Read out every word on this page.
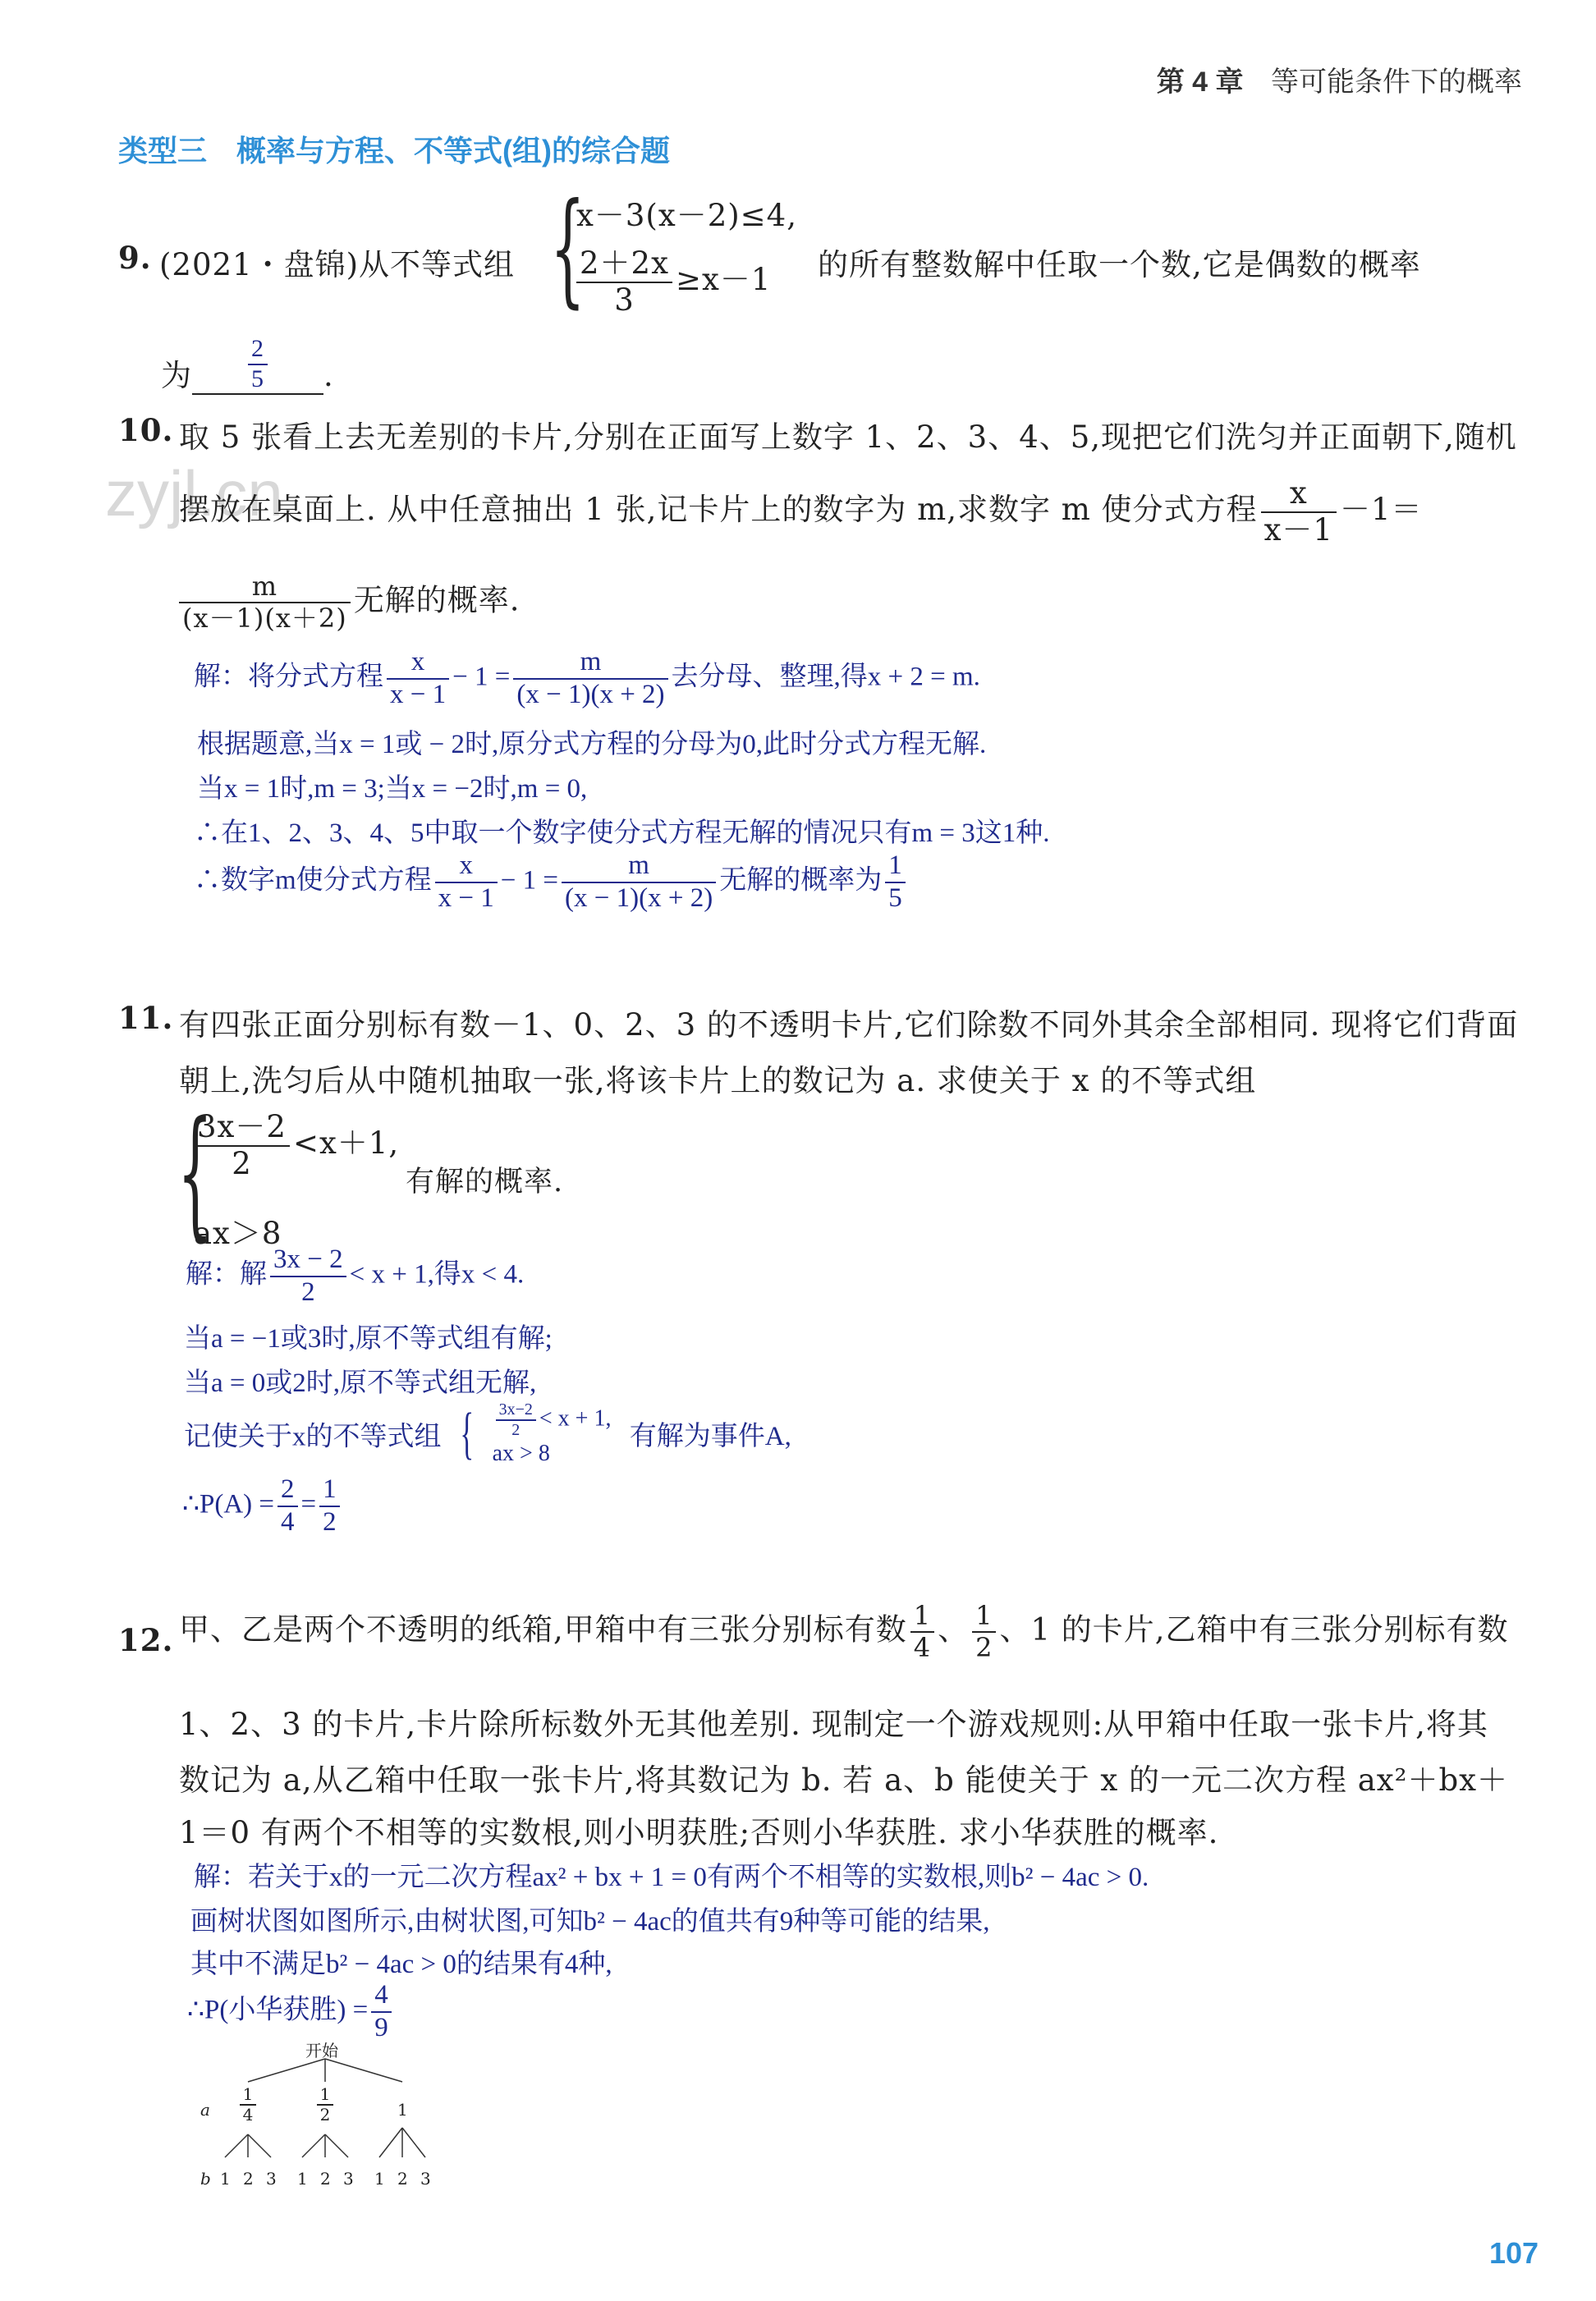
第 4 章 等可能条件下的概率
类型三　概率与方程、不等式(组)的综合题
zyjl.cn
9. (2021・盘锦)从不等式组 {
x－3(x－2)≤4,
$\frac{2+2x}{3} \ge x-1$ 的所有整数解中任取一个数,它是偶数的概率
为 $\frac{2}{5}$ .
10. 取 5 张看上去无差别的卡片,分别在正面写上数字 1、2、3、4、5,现把它们洗匀并正面朝下,随机
摆放在桌面上. 从中任意抽出 1 张,记卡片上的数字为 m,求数字 m 使分式方程 $\frac{x}{x-1} -1=$
$\frac{m}{(x-1)(x+2)}$ 无解的概率.
解：将分式方程 $\frac{x}{x - 1} - 1 = \frac{m}{(x - 1)(x + 2)}$ 去分母、整理,得x + 2 = m.
根据题意,当x = 1或 − 2时,原分式方程的分母为0,此时分式方程无解.
当x = 1时,m = 3;当x = −2时,m = 0,
∴在1、2、3、4、5中取一个数字使分式方程无解的情况只有m = 3这1种.
∴数字m使分式方程 $\frac{x}{x - 1} - 1 = \frac{m}{(x - 1)(x + 2)}$ 无解的概率为 $\frac{1}{5}$
11. 有四张正面分别标有数－1、0、2、3 的不透明卡片,它们除数不同外其余全部相同. 现将它们背面
朝上,洗匀后从中随机抽取一张,将该卡片上的数记为 a. 求使关于 x 的不等式组
{
$\frac{3x-2}{2} <x+1$,
ax＞8
有解的概率.
解：解 $\frac{3x - 2}{2} < x + 1$,得x < 4.
当a = −1或3时,原不等式组有解;
当a = 0或2时,原不等式组无解,
记使关于x的不等式组 { $\frac{3x-2}{2} < x + 1$,
ax > 8
有解为事件A,
∴P(A) = $\frac{2}{4} = \frac{1}{2}$
12. 甲、乙是两个不透明的纸箱,甲箱中有三张分别标有数 $\frac{1}{4}$ 、 $\frac{1}{2}$ 、1 的卡片,乙箱中有三张分别标有数
1、2、3 的卡片,卡片除所标数外无其他差别. 现制定一个游戏规则:从甲箱中任取一张卡片,将其
数记为 a,从乙箱中任取一张卡片,将其数记为 b. 若 a、b 能使关于 x 的一元二次方程 ax²＋bx＋
1＝0 有两个不相等的实数根,则小明获胜;否则小华获胜. 求小华获胜的概率.
解：若关于x的一元二次方程ax² + bx + 1 = 0有两个不相等的实数根,则b² − 4ac > 0.
画树状图如图所示,由树状图,可知b² − 4ac的值共有9种等可能的结果,
其中不满足b² − 4ac > 0的结果有4种,
∴P(小华获胜) = $\frac{4}{9}$
开始
a $\frac{1}{4}$	$\frac{1}{2}$	1
b 1 2 3 1 2 3 1 2 3
107
